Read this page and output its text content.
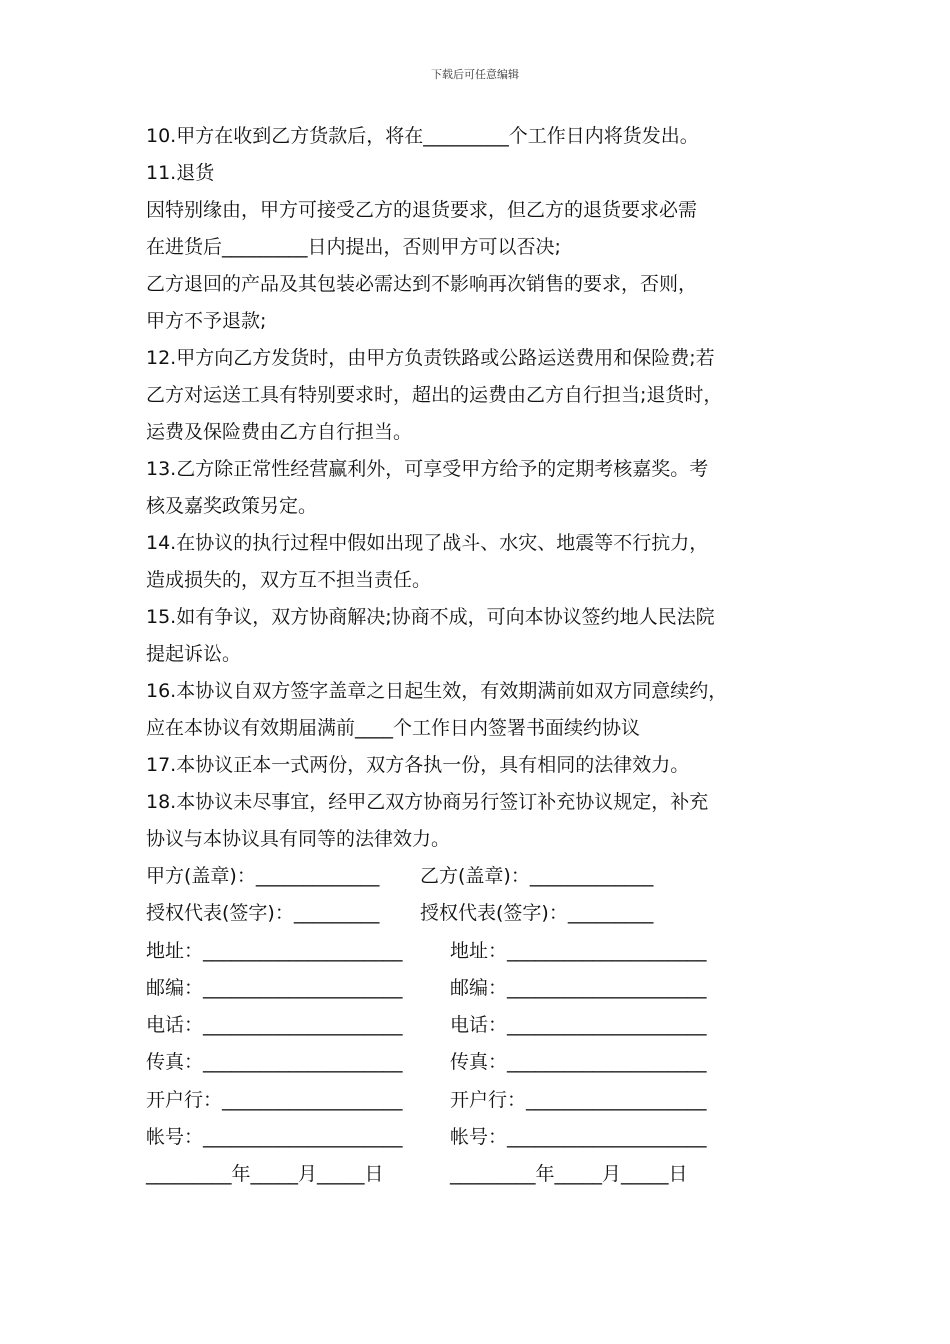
下载后可任意编辑
10.甲方在收到乙方货款后，将在_________个工作日内将货发出。
11.退货
因特别缘由，甲方可接受乙方的退货要求，但乙方的退货要求必需
在进货后_________日内提出，否则甲方可以否决;
乙方退回的产品及其包装必需达到不影响再次销售的要求，否则，
甲方不予退款;
12.甲方向乙方发货时，由甲方负责铁路或公路运送费用和保险费;若
乙方对运送工具有特别要求时，超出的运费由乙方自行担当;退货时，
运费及保险费由乙方自行担当。
13.乙方除正常性经营赢利外，可享受甲方给予的定期考核嘉奖。考
核及嘉奖政策另定。
14.在协议的执行过程中假如出现了战斗、水灾、地震等不行抗力，
造成损失的，双方互不担当责任。
15.如有争议，双方协商解决;协商不成，可向本协议签约地人民法院
提起诉讼。
16.本协议自双方签字盖章之日起生效，有效期满前如双方同意续约，
应在本协议有效期届满前____个工作日内签署书面续约协议
17.本协议正本一式两份，双方各执一份，具有相同的法律效力。
18.本协议未尽事宜，经甲乙双方协商另行签订补充协议规定，补充
协议与本协议具有同等的法律效力。
甲方(盖章)：_____________ 乙方(盖章)：_____________
授权代表(签字)：_________ 授权代表(签字)：_________
地址：_____________________ 地址：_____________________
邮编：_____________________ 邮编：_____________________
电话：_____________________ 电话：_____________________
传真：_____________________ 传真：_____________________
开户行：___________________ 开户行：___________________
帐号：_____________________ 帐号：_____________________
_________年_____月_____日	_________年_____月_____日
